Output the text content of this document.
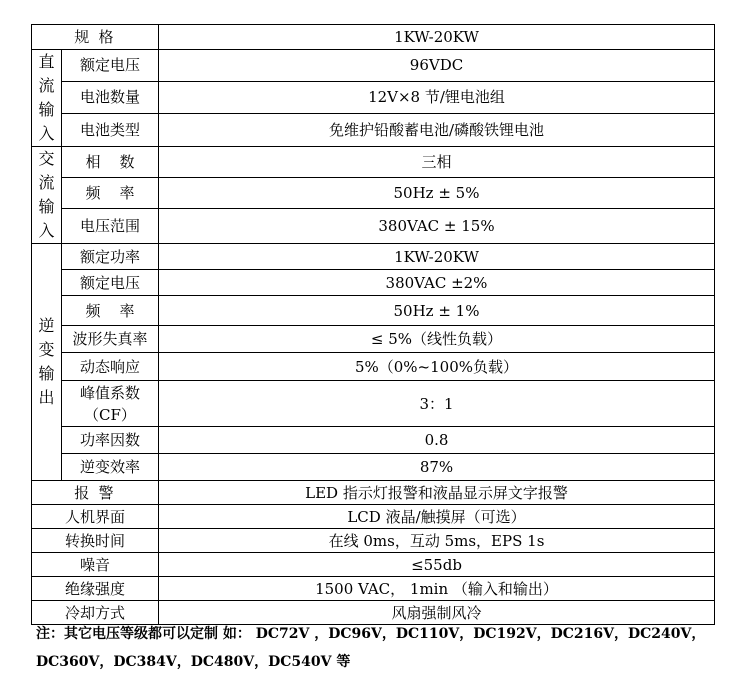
规 格		1KW-20KW
直流输入	额定电压	96VDC
	电池数量	12V×8 节/锂电池组
	电池类型	免维护铅酸蓄电池/磷酸铁锂电池
交流输入	相    数	三相
	频    率	50Hz ± 5%
	电压范围	380VAC ± 15%
逆变输出	额定功率	1KW-20KW
	额定电压	380VAC ±2%
	频    率	50Hz ± 1%
	波形失真率	≤ 5%（线性负载）
	动态响应	5%（0%~100%负载）
	峰值系数（CF）	3：1
	功率因数	0.8
	逆变效率	87%
报 警		LED 指示灯报警和液晶显示屏文字报警
人机界面		LCD 液晶/触摸屏（可选）
转换时间		在线 0ms，互动 5ms，EPS 1s
噪音		≤55db
绝缘强度		1500 VAC， 1min （输入和输出）
冷却方式		风扇强制风冷
注：其它电压等级都可以定制 如： DC72V ，DC96V，DC110V，DC192V，DC216V，DC240V，DC360V，DC384V，DC480V，DC540V 等
